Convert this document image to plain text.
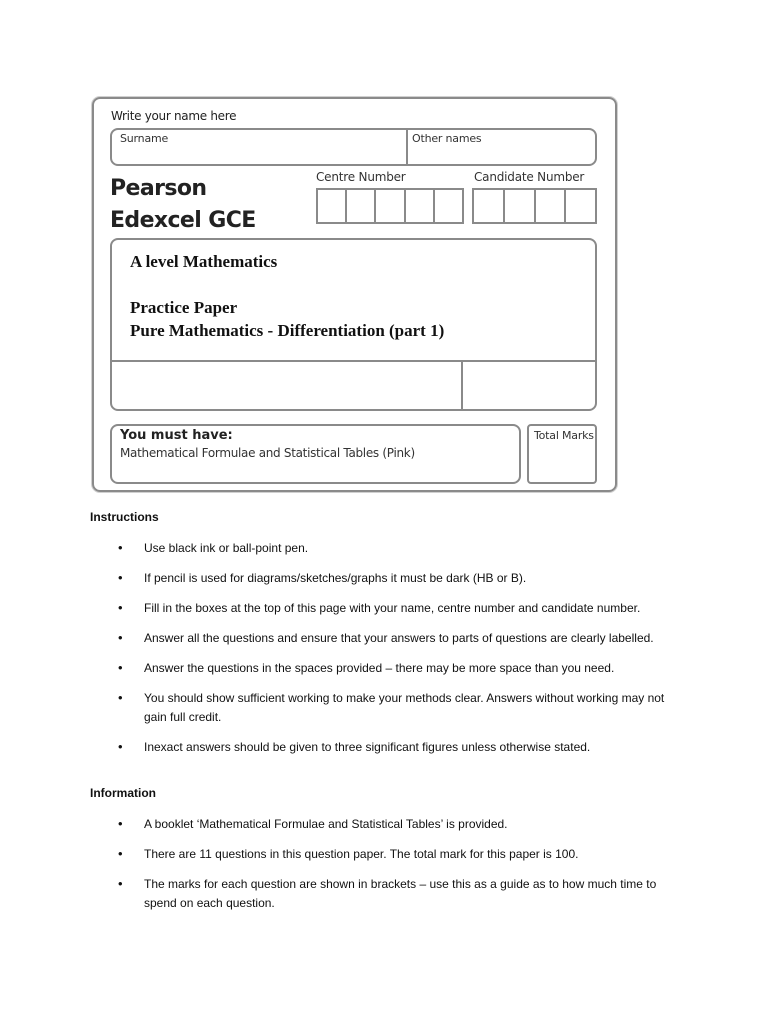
Write your name here
Surname	Other names
Pearson
Edexcel GCE
Centre Number	Candidate Number
A level Mathematics
Practice Paper
Pure Mathematics - Differentiation (part 1)
You must have:
Mathematical Formulae and Statistical Tables (Pink)
Total Marks
Instructions
• Use black ink or ball-point pen.
• If pencil is used for diagrams/sketches/graphs it must be dark (HB or B).
• Fill in the boxes at the top of this page with your name, centre number and candidate number.
• Answer all the questions and ensure that your answers to parts of questions are clearly labelled.
• Answer the questions in the spaces provided – there may be more space than you need.
• You should show sufficient working to make your methods clear. Answers without working may not gain full credit.
• Inexact answers should be given to three significant figures unless otherwise stated.
Information
• A booklet ‘Mathematical Formulae and Statistical Tables’ is provided.
• There are 11 questions in this question paper. The total mark for this paper is 100.
• The marks for each question are shown in brackets – use this as a guide as to how much time to spend on each question.
